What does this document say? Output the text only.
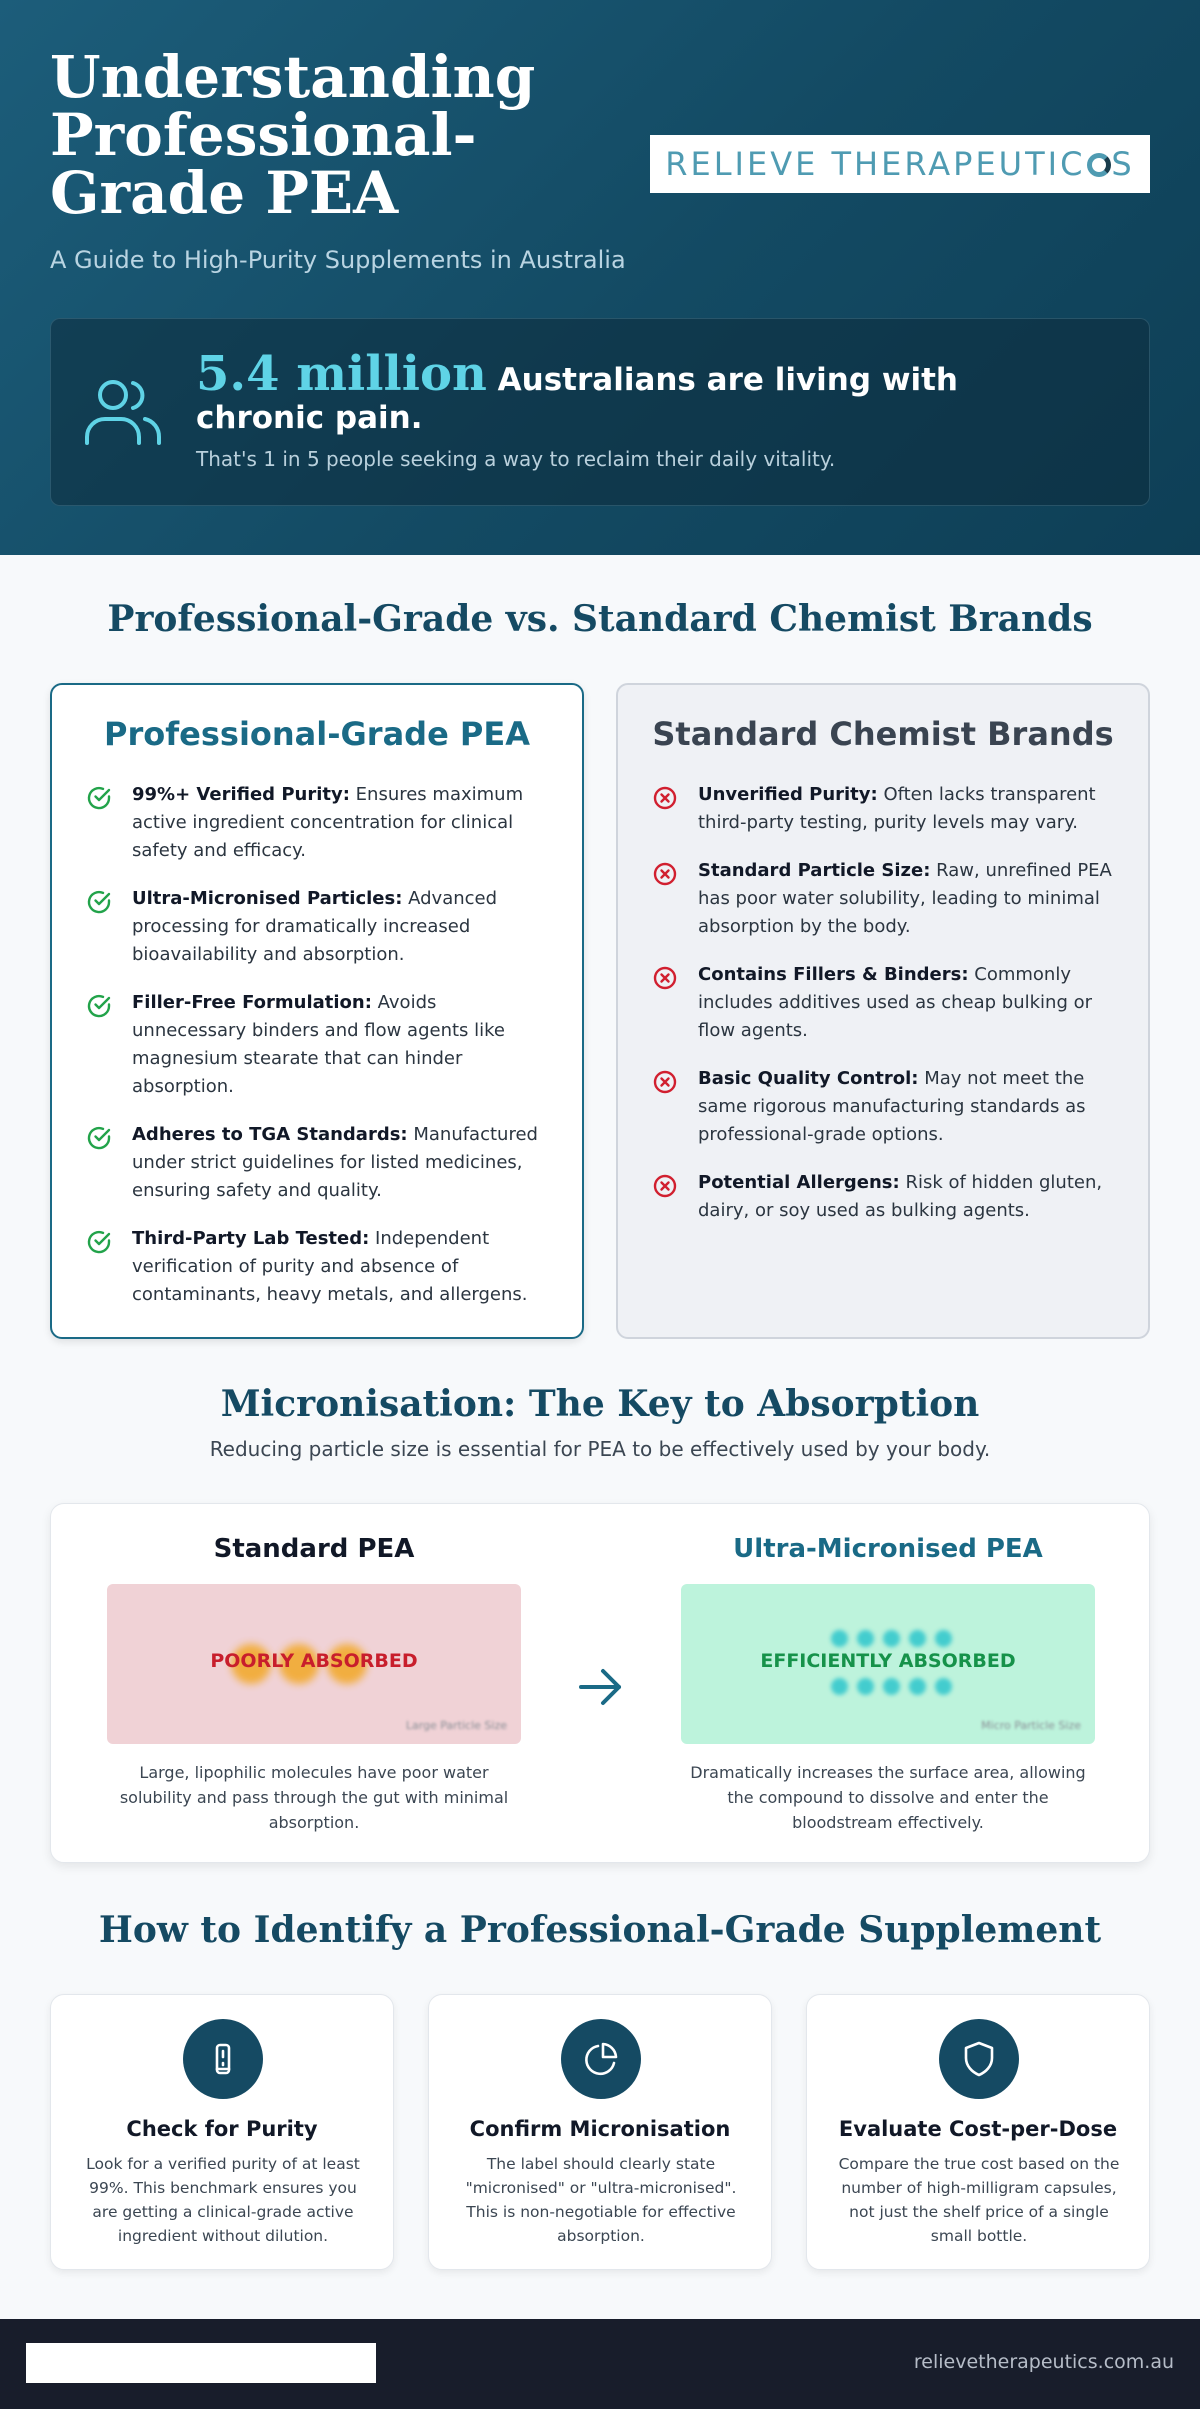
Understanding Professional-Grade PEA

A Guide to High-Purity Supplements in Australia

RELIEVE THERAPEUTIC S
5.4 million Australians are living with chronic pain.

That's 1 in 5 people seeking a way to reclaim their daily vitality.

Professional-Grade vs. Standard Chemist Brands
Professional-Grade PEA
99%+ Verified Purity: Ensures maximum active ingredient concentration for clinical safety and efficacy.
Ultra-Micronised Particles: Advanced processing for dramatically increased bioavailability and absorption.
Filler-Free Formulation: Avoids unnecessary binders and flow agents like magnesium stearate that can hinder absorption.
Adheres to TGA Standards: Manufactured under strict guidelines for listed medicines, ensuring safety and quality.
Third-Party Lab Tested: Independent verification of purity and absence of contaminants, heavy metals, and allergens.
Standard Chemist Brands
Unverified Purity: Often lacks transparent third-party testing, purity levels may vary.
Standard Particle Size: Raw, unrefined PEA has poor water solubility, leading to minimal absorption by the body.
Contains Fillers & Binders: Commonly includes additives used as cheap bulking or flow agents.
Basic Quality Control: May not meet the same rigorous manufacturing standards as professional-grade options.
Potential Allergens: Risk of hidden gluten, dairy, or soy used as bulking agents.
Micronisation: The Key to Absorption

Reducing particle size is essential for PEA to be effectively used by your body.

Standard PEA
POORLY ABSORBED
Large Particle Size

Large, lipophilic molecules have poor water solubility and pass through the gut with minimal absorption.

Ultra-Micronised PEA
EFFICIENTLY ABSORBED
Micro Particle Size

Dramatically increases the surface area, allowing the compound to dissolve and enter the bloodstream effectively.

How to Identify a Professional-Grade Supplement
Check for Purity

Look for a verified purity of at least 99%. This benchmark ensures you are getting a clinical-grade active ingredient without dilution.

Confirm Micronisation

The label should clearly state "micronised" or "ultra-micronised". This is non-negotiable for effective absorption.

Evaluate Cost-per-Dose

Compare the true cost based on the number of high-milligram capsules, not just the shelf price of a single small bottle.

relievetherapeutics.com.au
